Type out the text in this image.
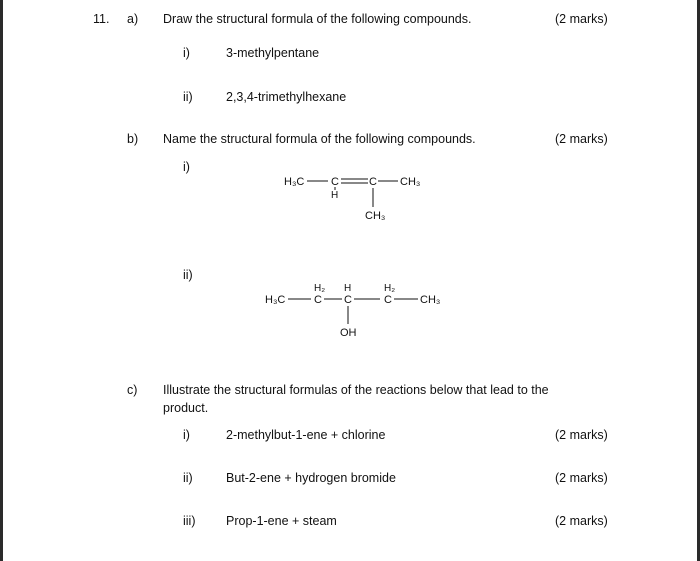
11. a) Draw the structural formula of the following compounds.	(2 marks)
i)	3-methylpentane
ii)	2,3,4-trimethylhexane
b) Name the structural formula of the following compounds.	(2 marks)
i)
H₃C C
H
C CH₃
CH₃
ii)
H₃C
H₂
C
H
C
H₂
C	CH₃
OH
c) Illustrate the structural formulas of the reactions below that lead to the product.
i)	2-methylbut-1-ene + chlorine	(2 marks)
ii)	But-2-ene + hydrogen bromide	(2 marks)
iii) Prop-1-ene + steam	(2 marks)
